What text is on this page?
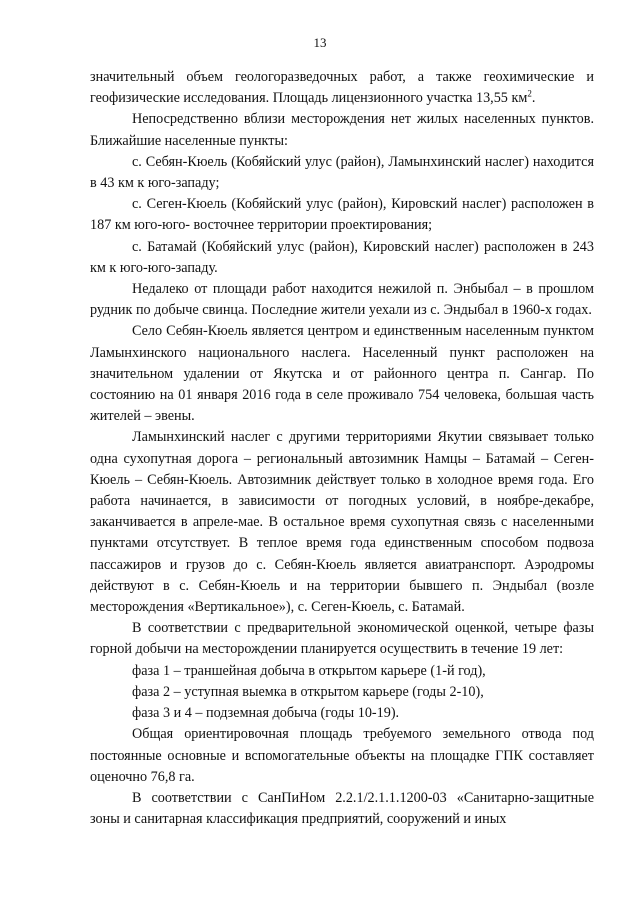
13

значительный объем геологоразведочных работ, а также геохимические и геофизические исследования. Площадь лицензионного участка 13,55 $км^2$.

Непосредственно вблизи месторождения нет жилых населенных пунктов. Ближайшие населенные пункты:

с. Себян-Кюель (Кобяйский улус (район), Ламынхинский наслег) находится в 43 км к юго-западу;

с. Сеген-Кюель (Кобяйский улус (район), Кировский наслег) расположен в 187 км юго-юго- восточнее территории проектирования;

с. Батамай (Кобяйский улус (район), Кировский наслег) расположен в 243 км к юго-юго-западу.

Недалеко от площади работ находится нежилой п. Энбыбал – в прошлом рудник по добыче свинца. Последние жители уехали из с. Эндыбал в 1960-х годах.

Село Себян-Кюель является центром и единственным населенным пунктом Ламынхинского национального наслега. Населенный пункт расположен на значительном удалении от Якутска и от районного центра п. Сангар. По состоянию на 01 января 2016 года в селе проживало 754 человека, большая часть жителей – эвены.

Ламынхинский наслег с другими территориями Якутии связывает только одна сухопутная дорога – региональный автозимник Намцы – Батамай – Сеген-Кюель – Себян-Кюель. Автозимник действует только в холодное время года. Его работа начинается, в зависимости от погодных условий, в ноябре-декабре, заканчивается в апреле-мае. В остальное время сухопутная связь с населенными пунктами отсутствует. В теплое время года единственным способом подвоза пассажиров и грузов до с. Себян-Кюель является авиатранспорт. Аэродромы действуют в с. Себян-Кюель и на территории бывшего п. Эндыбал (возле месторождения «Вертикальное»), с. Сеген-Кюель, с. Батамай.

В соответствии с предварительной экономической оценкой, четыре фазы горной добычи на месторождении планируется осуществить в течение 19 лет:

фаза 1 – траншейная добыча в открытом карьере (1-й год),

фаза 2 – уступная выемка в открытом карьере (годы 2-10),

фаза 3 и 4 – подземная добыча (годы 10-19).

Общая ориентировочная площадь требуемого земельного отвода под постоянные основные и вспомогательные объекты на площадке ГПК составляет оценочно 76,8 га.

В соответствии с СанПиНом 2.2.1/2.1.1.1200-03 «Санитарно-защитные зоны и санитарная классификация предприятий, сооружений и иных
